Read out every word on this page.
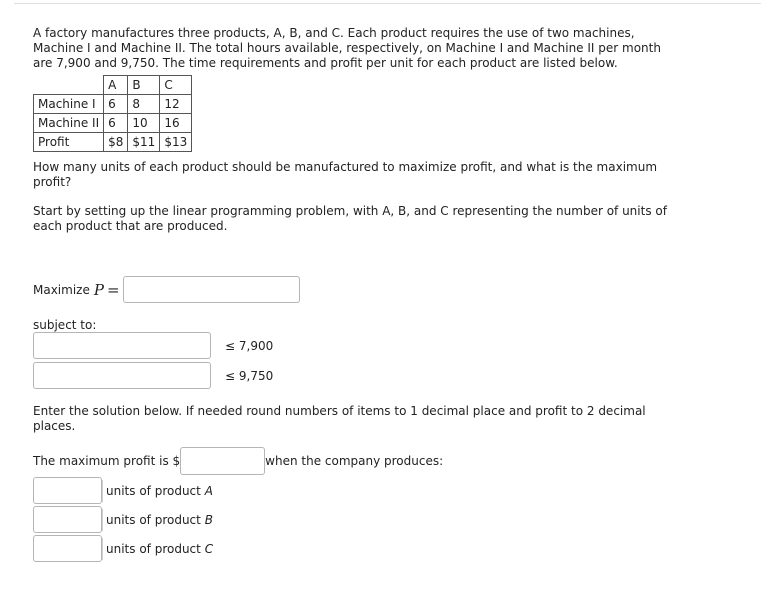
A factory manufactures three products, A, B, and C. Each product requires the use of two machines, Machine I and Machine II. The total hours available, respectively, on Machine I and Machine II per month are 7,900 and 9,750. The time requirements and profit per unit for each product are listed below.

	A	B	C
Machine I	6	8	12
Machine II	6	10	16
Profit	$8	$11	$13

How many units of each product should be manufactured to maximize profit, and what is the maximum profit?

Start by setting up the linear programming problem, with A, B, and C representing the number of units of each product that are produced.

Maximize P =
subject to:
≤ 7,900
≤ 9,750

Enter the solution below. If needed round numbers of items to 1 decimal place and profit to 2 decimal places.

The maximum profit is $	when the company produces:
units of product A
units of product B
units of product C
